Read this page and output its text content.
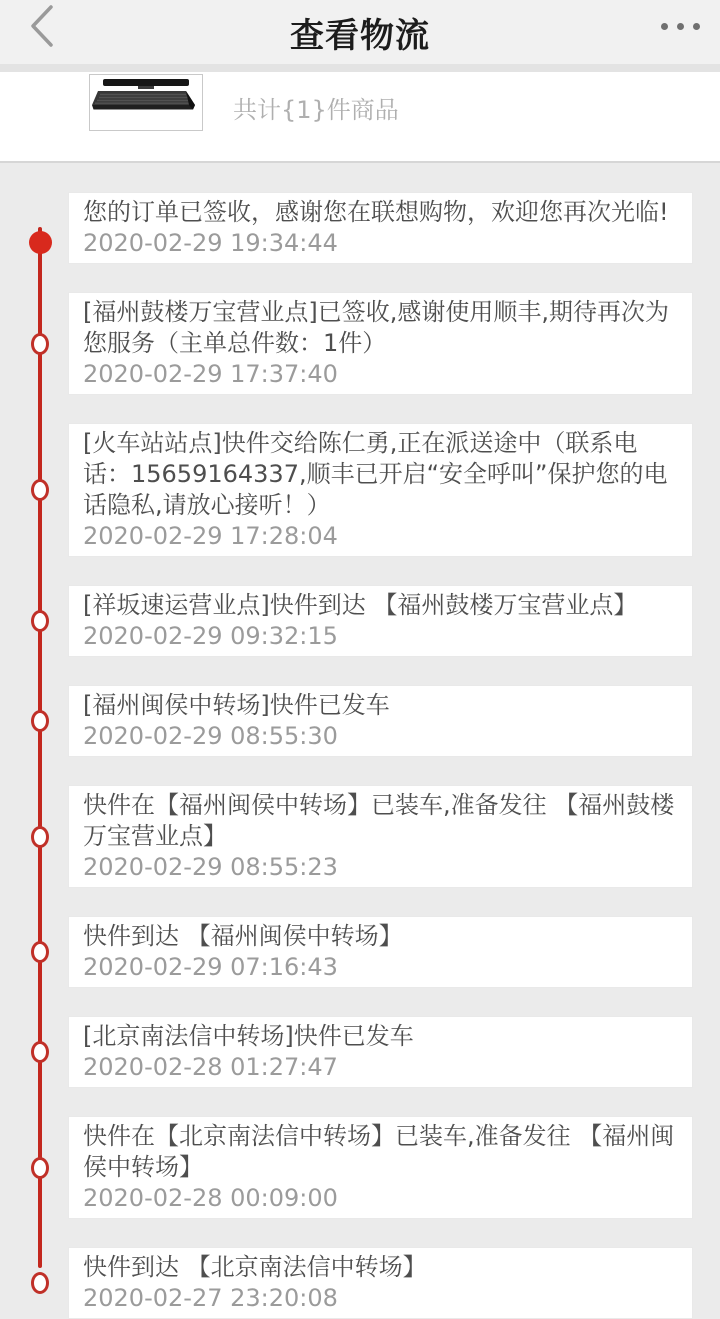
查看物流
共计{1}件商品
您的订单已签收，感谢您在联想购物，欢迎您再次光临!
2020-02-29 19:34:44
[福州鼓楼万宝营业点]已签收,感谢使用顺丰,期待再次为您服务（主单总件数：1件）
2020-02-29 17:37:40
[火车站站点]快件交给陈仁勇,正在派送途中（联系电话：15659164337,顺丰已开启“安全呼叫”保护您的电话隐私,请放心接听！）
2020-02-29 17:28:04
[祥坂速运营业点]快件到达 【福州鼓楼万宝营业点】
2020-02-29 09:32:15
[福州闽侯中转场]快件已发车
2020-02-29 08:55:30
快件在【福州闽侯中转场】已装车,准备发往 【福州鼓楼万宝营业点】
2020-02-29 08:55:23
快件到达 【福州闽侯中转场】
2020-02-29 07:16:43
[北京南法信中转场]快件已发车
2020-02-28 01:27:47
快件在【北京南法信中转场】已装车,准备发往 【福州闽侯中转场】
2020-02-28 00:09:00
快件到达 【北京南法信中转场】
2020-02-27 23:20:08
